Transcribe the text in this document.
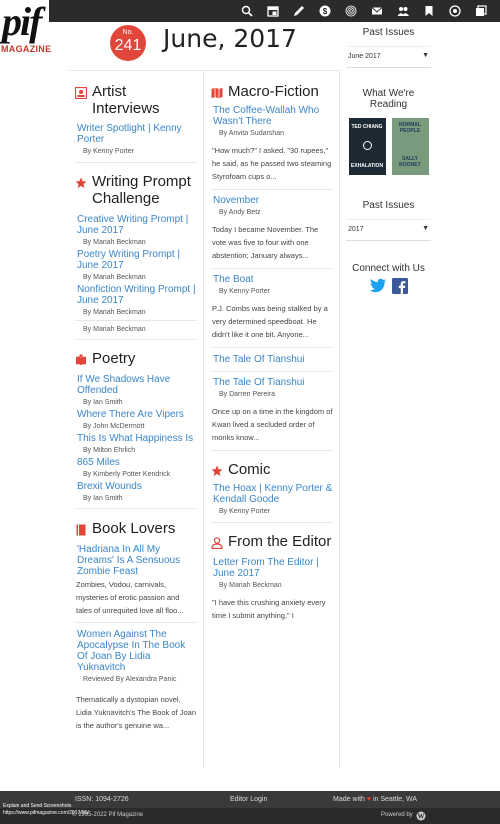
$
pif
MAGAZINE
No.
241 June, 2017
Artist Interviews
Writer Spotlight | Kenny Porter
By Kenny Porter
Writing Prompt Challenge
Creative Writing Prompt | June 2017
By Mariah Beckman
Poetry Writing Prompt | June 2017
By Mariah Beckman
Nonfiction Writing Prompt | June 2017
By Mariah Beckman
By Mariah Beckman
Poetry
If We Shadows Have Offended
By Ian Smith
Where There Are Vipers
By John McDermott
This Is What Happiness Is
By Milton Ehrlich
865 Miles
By Kimberly Potter Kendrick
Brexit Wounds
By Ian Smith
Book Lovers
'Hadriana In All My Dreams' Is A Sensuous Zombie Feast
Zombies, Vodou, carnivals, mysteries of erotic passion and tales of unrequited love all floo...
Women Against The Apocalypse In The Book Of Joan By Lidia Yuknavitch
Reviewed By Alexandra Panic
Thematically a dystopian novel, Lidia Yuknavitch's The Book of Joan is the author's genuine wa...
Macro-Fiction
The Coffee-Wallah Who Wasn't There
By Anvita Sudarshan
"How much?" I asked. "30 rupees," he said, as he passed two steaming Styrofoam cups o...
November
By Andy Betz
Today I became November. The vote was five to four with one abstention; January always...
The Boat
By Kenny Porter
P.J. Combs was being stalked by a very determined speedboat. He didn't like it one bit. Anyone...
The Tale Of Tianshui
The Tale Of Tianshui
By Darren Pereira
Once up on a time in the kingdom of Kwan lived a secluded order of monks know...
Comic
The Hoax | Kenny Porter & Kendall Goode
By Kenny Porter
From the Editor
Letter From The Editor | June 2017
By Mariah Beckman
"I have this crushing anxiety every time I submit anything," I
Past Issues
June 2017	▼
What We're Reading
TED CHIANG
EXHALATION
NORMAL PEOPLE
SALLY ROONEY
Past Issues
2017	▼
Connect with Us
ISSN: 1094-2726	Editor Login	Made with ♥ in Seattle, WA
© 1995-2022 Pif Magazine	Powered by W
Explain and Send Screenshots
https://www.pifmagazine.com/2017/06/
